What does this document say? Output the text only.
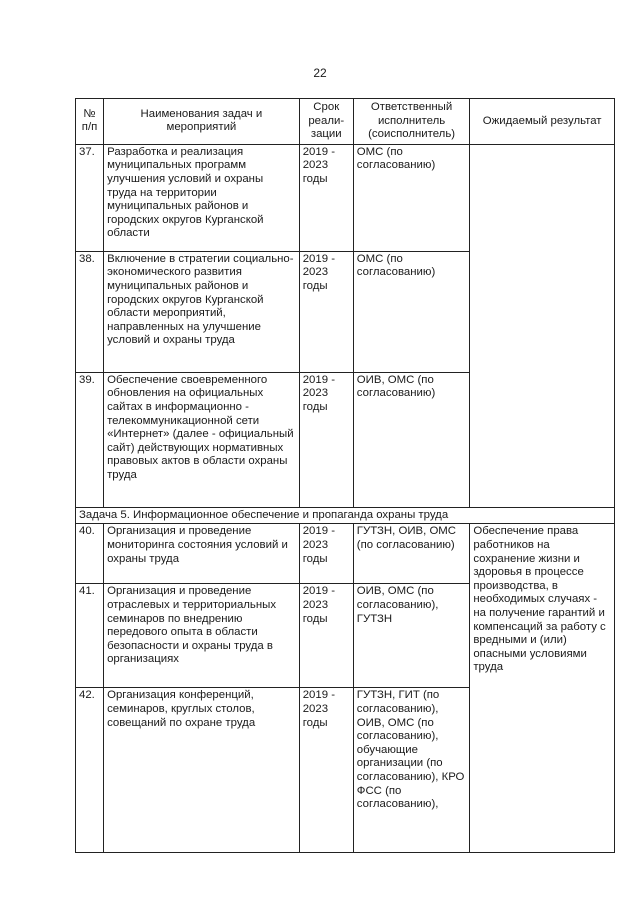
22
№ п/п	Наименования задач и мероприятий	Срок реали-зации	Ответственный исполнитель (соисполнитель)	Ожидаемый результат
37.	Разработка и реализация муниципальных программ улучшения условий и охраны труда на территории муниципальных районов и городских округов Курганской области	2019 - 2023 годы	ОМС (по согласованию)	
38.	Включение в стратегии социально-экономического развития муниципальных районов и городских округов Курганской области мероприятий, направленных на улучшение условий и охраны труда	2019 - 2023 годы	ОМС (по согласованию)	
39.	Обеспечение своевременного обновления на официальных сайтах в информационно - телекоммуникационной сети «Интернет» (далее - официальный сайт) действующих нормативных правовых актов в области охраны труда	2019 - 2023 годы	ОИВ, ОМС (по согласованию)	
Задача 5. Информационное обеспечение и пропаганда охраны труда				
40.	Организация и проведение мониторинга состояния условий и охраны труда	2019 - 2023 годы	ГУТЗН, ОИВ, ОМС (по согласованию)	Обеспечение права работников на сохранение жизни и здоровья в процессе производства, в необходимых случаях - на получение гарантий и компенсаций за работу с вредными и (или) опасными условиями труда
41.	Организация и проведение отраслевых и территориальных семинаров по внедрению передового опыта в области безопасности и охраны труда в организациях	2019 - 2023 годы	ОИВ, ОМС (по согласованию), ГУТЗН	
42.	Организация конференций, семинаров, круглых столов, совещаний по охране труда	2019 - 2023 годы	ГУТЗН, ГИТ (по согласованию), ОИВ, ОМС (по согласованию), обучающие организации (по согласованию), КРО ФСС (по согласованию),	
